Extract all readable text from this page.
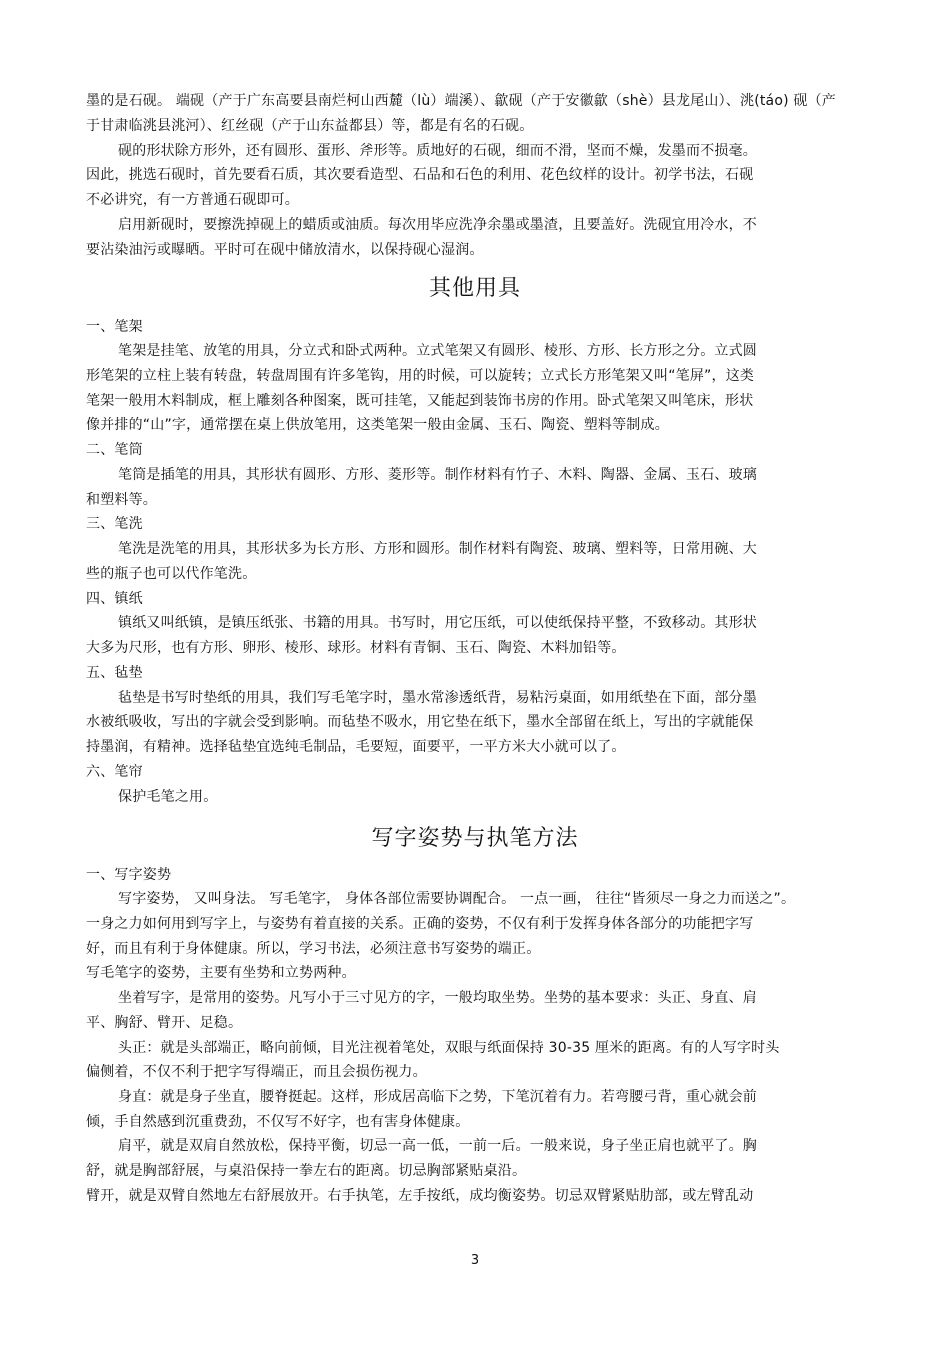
墨的是石砚。 端砚（产于广东高要县南烂柯山西麓（lù）端溪）、歙砚（产于安徽歙（shè）县龙尾山）、洮(táo) 砚（产
于甘肃临洮县洮河）、红丝砚（产于山东益都县）等，都是有名的石砚。
砚的形状除方形外，还有圆形、蛋形、斧形等。质地好的石砚，细而不滑，坚而不燥，发墨而不损毫。
因此，挑选石砚时，首先要看石质，其次要看造型、石品和石色的利用、花色纹样的设计。初学书法，石砚
不必讲究，有一方普通石砚即可。
启用新砚时，要擦洗掉砚上的蜡质或油质。每次用毕应洗净余墨或墨渣，且要盖好。洗砚宜用冷水，不
要沾染油污或曝晒。平时可在砚中储放清水，以保持砚心湿润。
其他用具
一、笔架
笔架是挂笔、放笔的用具，分立式和卧式两种。立式笔架又有圆形、棱形、方形、长方形之分。立式圆
形笔架的立柱上装有转盘，转盘周围有许多笔钩，用的时候，可以旋转；立式长方形笔架又叫“笔屏”，这类
笔架一般用木料制成，框上雕刻各种图案，既可挂笔，又能起到装饰书房的作用。卧式笔架又叫笔床，形状
像并排的“山”字，通常摆在桌上供放笔用，这类笔架一般由金属、玉石、陶瓷、塑料等制成。
二、笔筒
笔筒是插笔的用具，其形状有圆形、方形、菱形等。制作材料有竹子、木料、陶器、金属、玉石、玻璃
和塑料等。
三、笔洗
笔洗是洗笔的用具，其形状多为长方形、方形和圆形。制作材料有陶瓷、玻璃、塑料等，日常用碗、大
些的瓶子也可以代作笔洗。
四、镇纸
镇纸又叫纸镇，是镇压纸张、书籍的用具。书写时，用它压纸，可以使纸保持平整，不致移动。其形状
大多为尺形，也有方形、卵形、棱形、球形。材料有青铜、玉石、陶瓷、木料加铅等。
五、毡垫
毡垫是书写时垫纸的用具，我们写毛笔字时，墨水常渗透纸背，易粘污桌面，如用纸垫在下面，部分墨
水被纸吸收，写出的字就会受到影响。而毡垫不吸水，用它垫在纸下，墨水全部留在纸上，写出的字就能保
持墨润，有精神。选择毡垫宜选纯毛制品，毛要短，面要平，一平方米大小就可以了。
六、笔帘
保护毛笔之用。
写字姿势与执笔方法
一、写字姿势
写字姿势， 又叫身法。 写毛笔字， 身体各部位需要协调配合。 一点一画， 往往“皆须尽一身之力而送之”。
一身之力如何用到写字上，与姿势有着直接的关系。正确的姿势，不仅有利于发挥身体各部分的功能把字写
好，而且有利于身体健康。所以，学习书法，必须注意书写姿势的端正。
写毛笔字的姿势，主要有坐势和立势两种。
坐着写字，是常用的姿势。凡写小于三寸见方的字，一般均取坐势。坐势的基本要求：头正、身直、肩
平、胸舒、臂开、足稳。
头正：就是头部端正，略向前倾，目光注视着笔处，双眼与纸面保持 30-35 厘米的距离。有的人写字时头
偏侧着，不仅不利于把字写得端正，而且会损伤视力。
身直：就是身子坐直，腰脊挺起。这样，形成居高临下之势，下笔沉着有力。若弯腰弓背，重心就会前
倾，手自然感到沉重费劲，不仅写不好字，也有害身体健康。
肩平，就是双肩自然放松，保持平衡，切忌一高一低，一前一后。一般来说，身子坐正肩也就平了。胸
舒，就是胸部舒展，与桌沿保持一拳左右的距离。切忌胸部紧贴桌沿。
臂开，就是双臂自然地左右舒展放开。右手执笔，左手按纸，成均衡姿势。切忌双臂紧贴肋部，或左臂乱动
3
